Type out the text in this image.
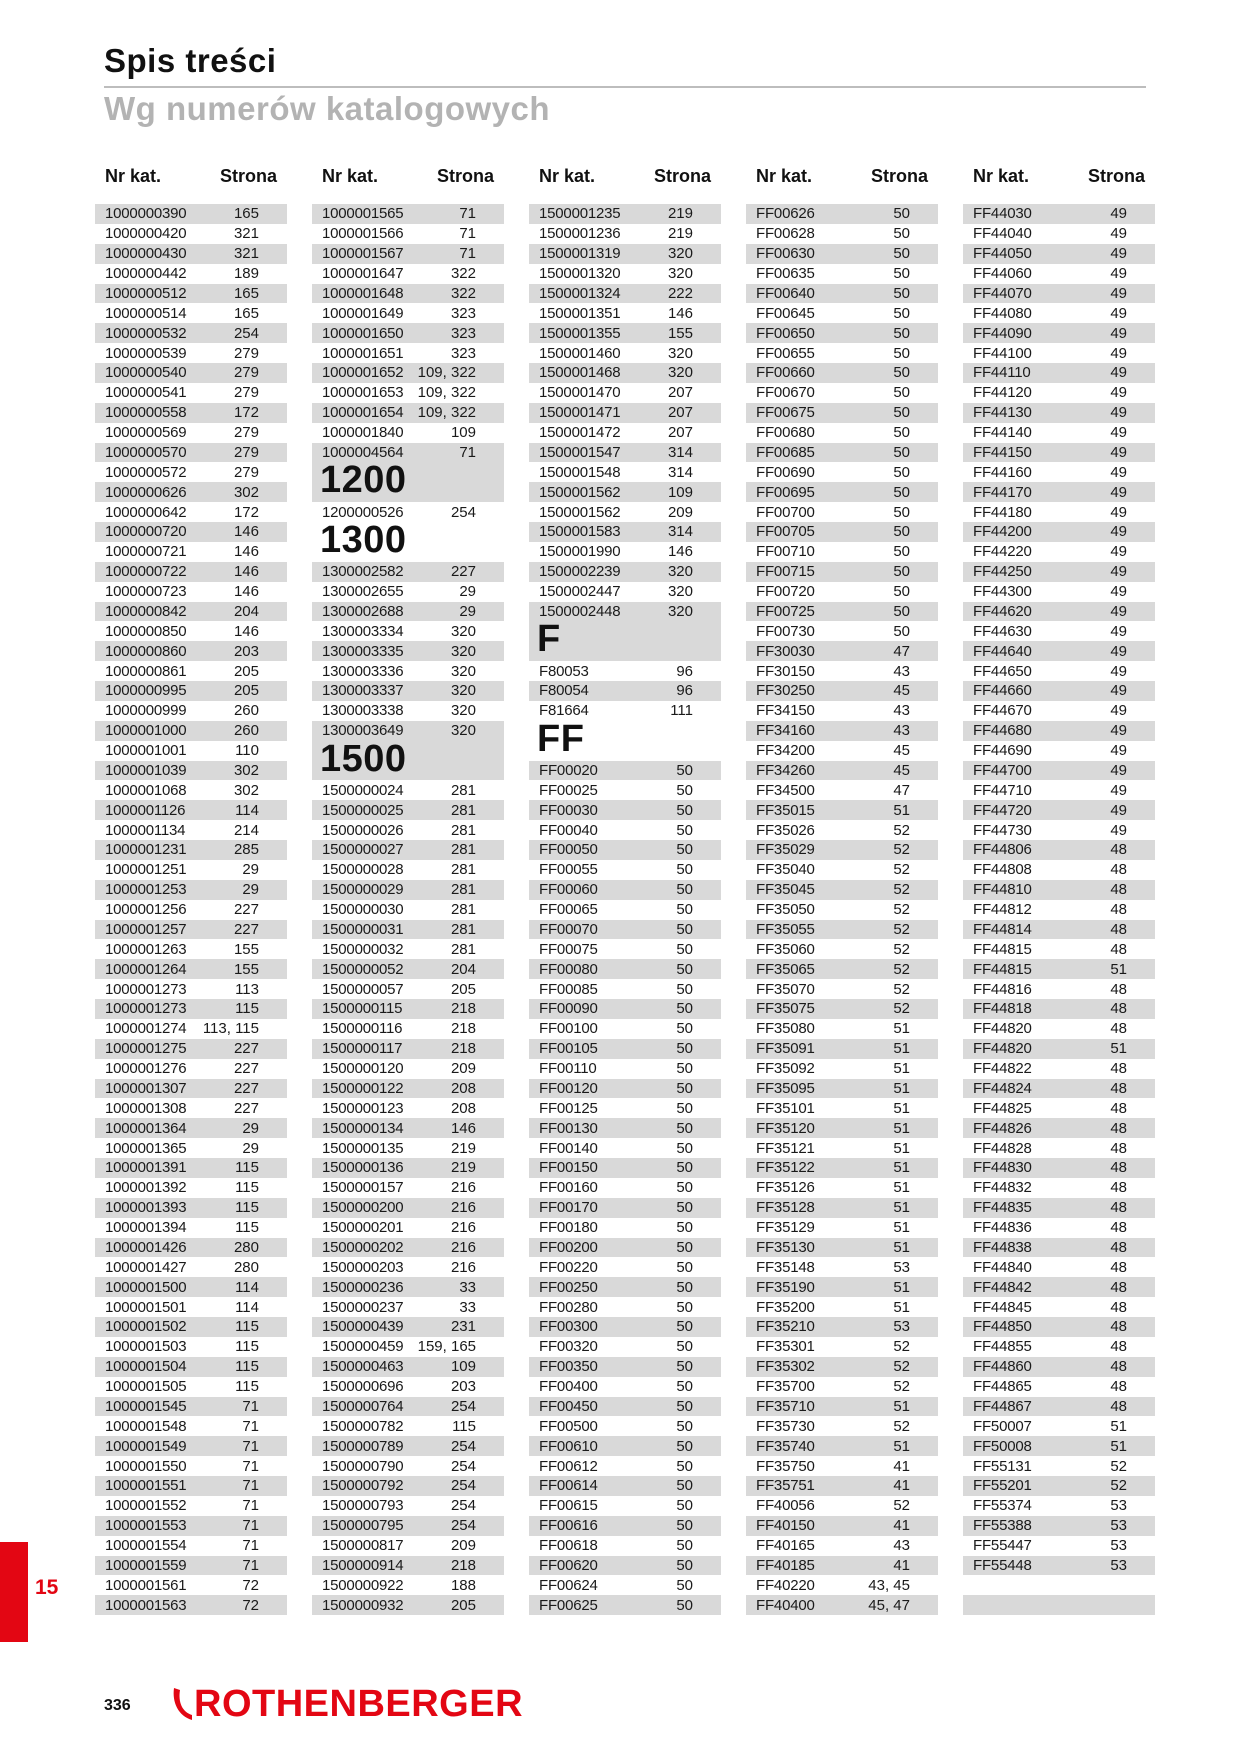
Spis treści
Wg numerów katalogowych
Nr kat.	Strona
1000000390	165
1000000420	321
1000000430	321
1000000442	189
1000000512	165
1000000514	165
1000000532	254
1000000539	279
1000000540	279
1000000541	279
1000000558	172
1000000569	279
1000000570	279
1000000572	279
1000000626	302
1000000642	172
1000000720	146
1000000721	146
1000000722	146
1000000723	146
1000000842	204
1000000850	146
1000000860	203
1000000861	205
1000000995	205
1000000999	260
1000001000	260
1000001001	110
1000001039	302
1000001068	302
1000001126	114
1000001134	214
1000001231	285
1000001251	29
1000001253	29
1000001256	227
1000001257	227
1000001263	155
1000001264	155
1000001273	113
1000001273	115
1000001274 113, 115
1000001275	227
1000001276	227
1000001307	227
1000001308	227
1000001364	29
1000001365	29
1000001391	115
1000001392	115
1000001393	115
1000001394	115
1000001426	280
1000001427	280
1000001500	114
1000001501	114
1000001502	115
1000001503	115
1000001504	115
1000001505	115
1000001545	71
1000001548	71
1000001549	71
1000001550	71
1000001551	71
1000001552	71
1000001553	71
1000001554	71
1000001559	71
1000001561	72
1000001563	72
Nr kat.	Strona
1000001565	71
1000001566	71
1000001567	71
1000001647	322
1000001648	322
1000001649	323
1000001650	323
1000001651	323
1000001652 109, 322
1000001653 109, 322
1000001654 109, 322
1000001840	109
1000004564	71
1200
1200000526	254
1300
1300002582	227
1300002655	29
1300002688	29
1300003334	320
1300003335	320
1300003336	320
1300003337	320
1300003338	320
1300003649	320
1500
1500000024	281
1500000025	281
1500000026	281
1500000027	281
1500000028	281
1500000029	281
1500000030	281
1500000031	281
1500000032	281
1500000052	204
1500000057	205
1500000115	218
1500000116	218
1500000117	218
1500000120	209
1500000122	208
1500000123	208
1500000134	146
1500000135	219
1500000136	219
1500000157	216
1500000200	216
1500000201	216
1500000202	216
1500000203	216
1500000236	33
1500000237	33
1500000439	231
1500000459 159, 165
1500000463	109
1500000696	203
1500000764	254
1500000782	115
1500000789	254
1500000790	254
1500000792	254
1500000793	254
1500000795	254
1500000817	209
1500000914	218
1500000922	188
1500000932	205
Nr kat.	Strona
1500001235	219
1500001236	219
1500001319	320
1500001320	320
1500001324	222
1500001351	146
1500001355	155
1500001460	320
1500001468	320
1500001470	207
1500001471	207
1500001472	207
1500001547	314
1500001548	314
1500001562	109
1500001562	209
1500001583	314
1500001990	146
1500002239	320
1500002447	320
1500002448	320
F
F80053	96
F80054	96
F81664	111
FF
FF00020	50
FF00025	50
FF00030	50
FF00040	50
FF00050	50
FF00055	50
FF00060	50
FF00065	50
FF00070	50
FF00075	50
FF00080	50
FF00085	50
FF00090	50
FF00100	50
FF00105	50
FF00110	50
FF00120	50
FF00125	50
FF00130	50
FF00140	50
FF00150	50
FF00160	50
FF00170	50
FF00180	50
FF00200	50
FF00220	50
FF00250	50
FF00280	50
FF00300	50
FF00320	50
FF00350	50
FF00400	50
FF00450	50
FF00500	50
FF00610	50
FF00612	50
FF00614	50
FF00615	50
FF00616	50
FF00618	50
FF00620	50
FF00624	50
FF00625	50
Nr kat.	Strona
FF00626	50
FF00628	50
FF00630	50
FF00635	50
FF00640	50
FF00645	50
FF00650	50
FF00655	50
FF00660	50
FF00670	50
FF00675	50
FF00680	50
FF00685	50
FF00690	50
FF00695	50
FF00700	50
FF00705	50
FF00710	50
FF00715	50
FF00720	50
FF00725	50
FF00730	50
FF30030	47
FF30150	43
FF30250	45
FF34150	43
FF34160	43
FF34200	45
FF34260	45
FF34500	47
FF35015	51
FF35026	52
FF35029	52
FF35040	52
FF35045	52
FF35050	52
FF35055	52
FF35060	52
FF35065	52
FF35070	52
FF35075	52
FF35080	51
FF35091	51
FF35092	51
FF35095	51
FF35101	51
FF35120	51
FF35121	51
FF35122	51
FF35126	51
FF35128	51
FF35129	51
FF35130	51
FF35148	53
FF35190	51
FF35200	51
FF35210	53
FF35301	52
FF35302	52
FF35700	52
FF35710	51
FF35730	52
FF35740	51
FF35750	41
FF35751	41
FF40056	52
FF40150	41
FF40165	43
FF40185	41
FF40220	43, 45
FF40400	45, 47
Nr kat.	Strona
FF44030	49
FF44040	49
FF44050	49
FF44060	49
FF44070	49
FF44080	49
FF44090	49
FF44100	49
FF44110	49
FF44120	49
FF44130	49
FF44140	49
FF44150	49
FF44160	49
FF44170	49
FF44180	49
FF44200	49
FF44220	49
FF44250	49
FF44300	49
FF44620	49
FF44630	49
FF44640	49
FF44650	49
FF44660	49
FF44670	49
FF44680	49
FF44690	49
FF44700	49
FF44710	49
FF44720	49
FF44730	49
FF44806	48
FF44808	48
FF44810	48
FF44812	48
FF44814	48
FF44815	48
FF44815	51
FF44816	48
FF44818	48
FF44820	48
FF44820	51
FF44822	48
FF44824	48
FF44825	48
FF44826	48
FF44828	48
FF44830	48
FF44832	48
FF44835	48
FF44836	48
FF44838	48
FF44840	48
FF44842	48
FF44845	48
FF44850	48
FF44855	48
FF44860	48
FF44865	48
FF44867	48
FF50007	51
FF50008	51
FF55131	52
FF55201	52
FF55374	53
FF55388	53
FF55447	53
FF55448	53
15
336 ROTHENBERGER
